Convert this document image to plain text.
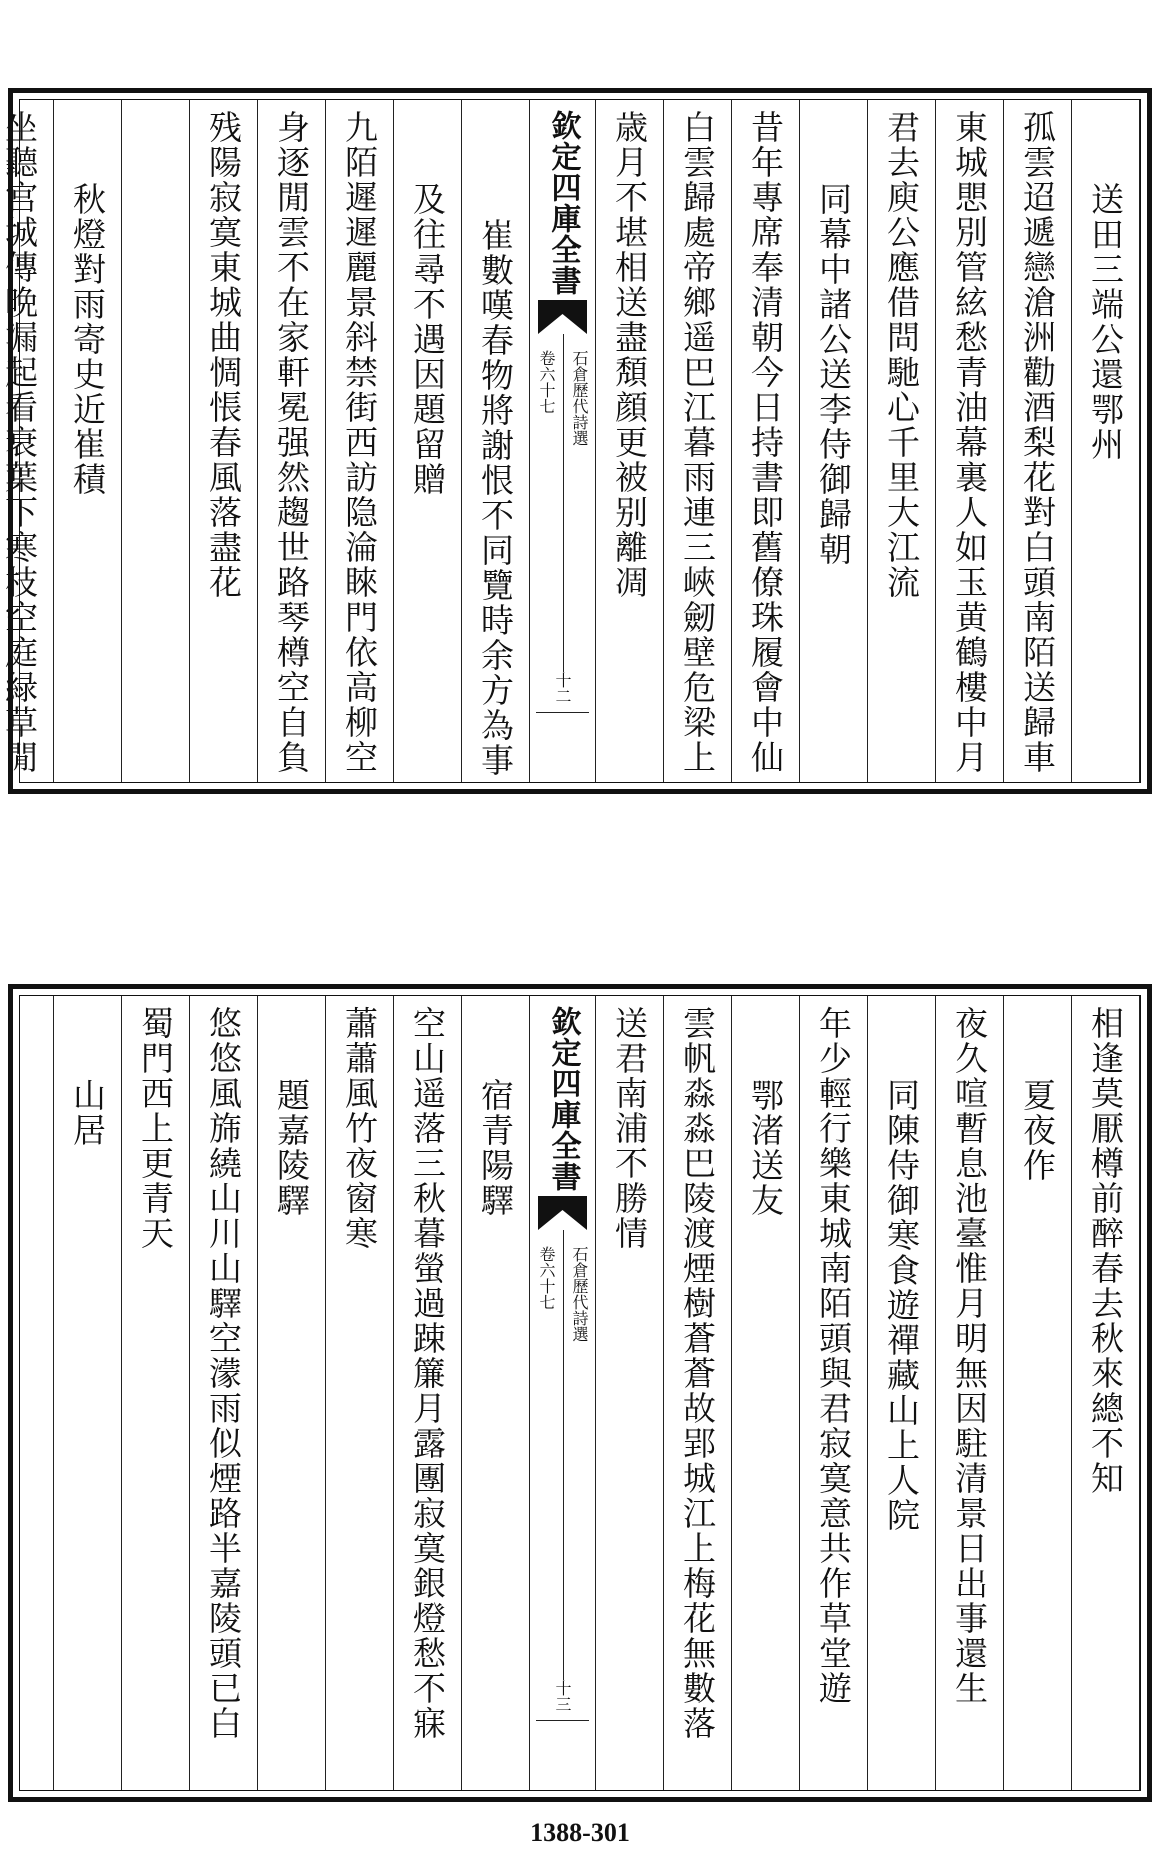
送田三端公還鄂州
孤雲迢遞戀滄洲勸酒梨花對白頭南陌送歸車
東城愳別管絃愁青油幕裏人如玉黄鶴樓中月
君去庾公應借問馳心千里大江流
同幕中諸公送李侍御歸朝
昔年專席奉清朝今日持書即舊僚珠履會中仙
白雲歸處帝鄉遥巴江暮雨連三峽劒壁危梁上
歳月不堪相送盡頽顔更被别離凋
欽定四庫全書
石倉歷代詩選
卷六十七
十二
崔數嘆春物將謝恨不同覽時余方為事
及往尋不遇因題留贈
九陌遲遲麗景斜禁街西訪隐淪睞門依高柳空
身逐閒雲不在家軒冕强然趨世路琴樽空自負
残陽寂寞東城曲惆悵春風落盡花
秋燈對雨寄史近崔積
坐聽宫城傳晩漏起看衰葉下寒枝空庭緑草閒
相逢莫厭樽前醉春去秋來總不知
夏夜作
夜久喧暫息池臺惟月明無因駐清景日出事還生
同陳侍御寒食遊禪藏山上人院
年少輕行樂東城南陌頭與君寂寞意共作草堂遊
鄂渚送友
雲帆淼淼巴陵渡煙樹蒼蒼故郢城江上梅花無數落
送君南浦不勝情
欽定四庫全書
石倉歷代詩選
卷六十七
十三
宿青陽驛
空山遥落三秋暮螢過踈簾月露團寂寞銀燈愁不寐
蕭蕭風竹夜窗寒
題嘉陵驛
悠悠風旆繞山川山驛空濛雨似煙路半嘉陵頭已白
蜀門西上更青天
山居
1388-301
